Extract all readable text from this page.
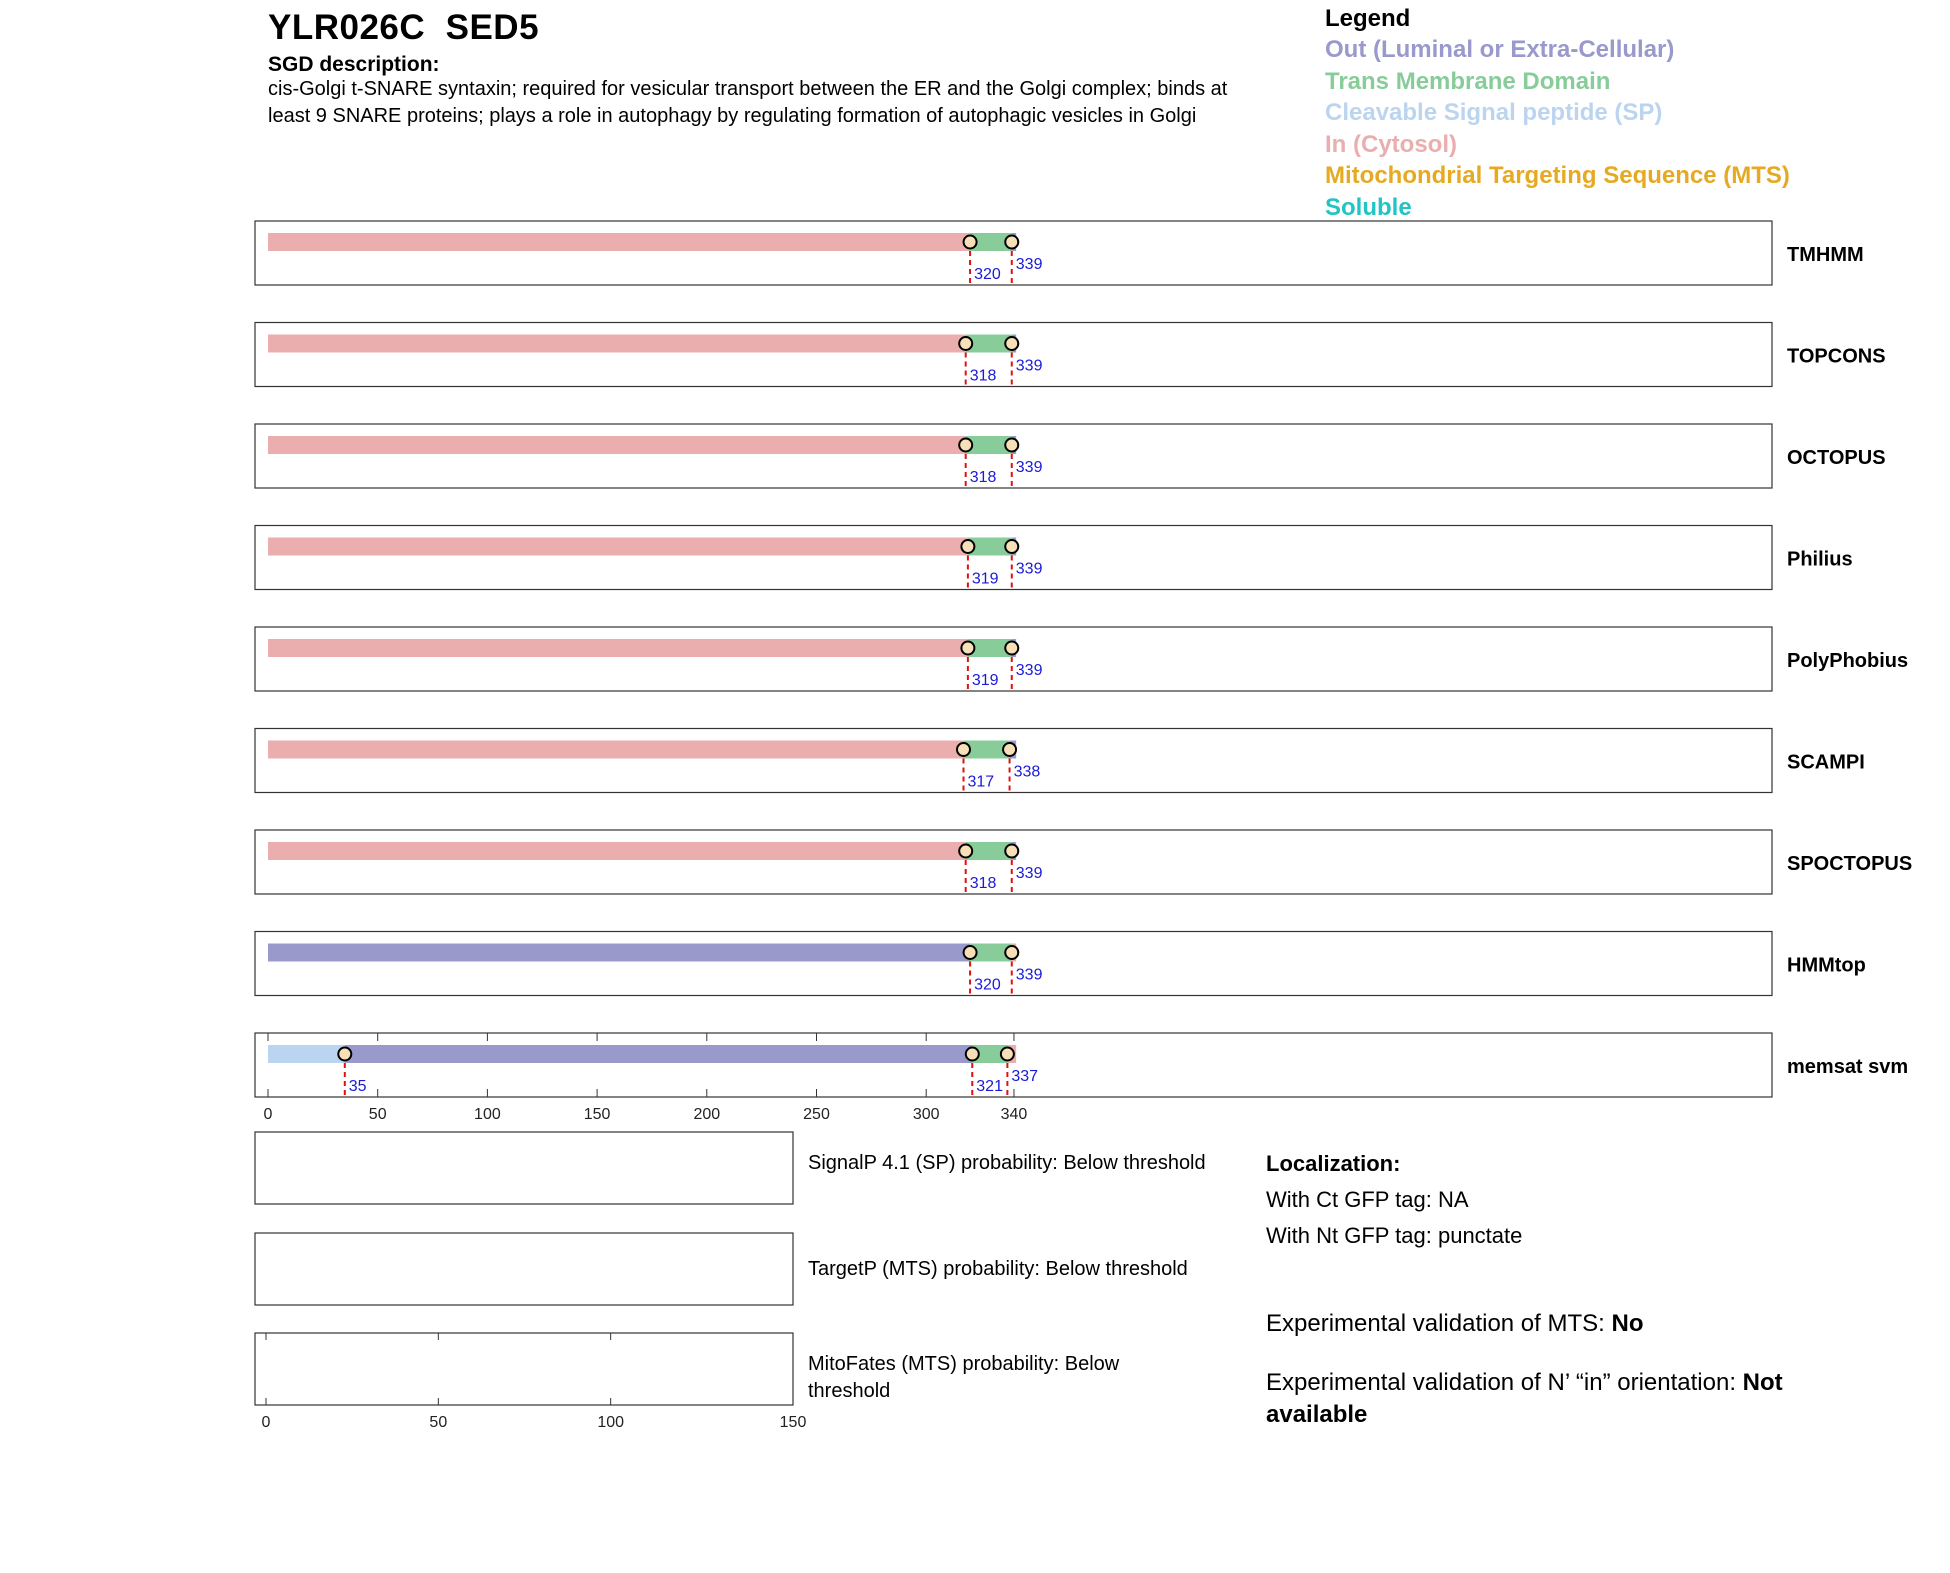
YLR026C  SED5
SGD description:
cis-Golgi t-SNARE syntaxin; required for vesicular transport between the ER and the Golgi complex; binds at
least 9 SNARE proteins; plays a role in autophagy by regulating formation of autophagic vesicles in Golgi
Legend
Out (Luminal or Extra-Cellular)
Trans Membrane Domain
Cleavable Signal peptide (SP)
In (Cytosol)
Mitochondrial Targeting Sequence (MTS)
Soluble
320
339	TMHMM
318
339	TOPCONS
318
339	OCTOPUS
319
339	Philius
319
339	PolyPhobius
317
338	SCAMPI
318
339	SPOCTOPUS
320
339	HMMtop
0	50	100	150	200	250	300	340
35	321
337	memsat svm
0	50	100	150
SignalP 4.1 (SP) probability: Below threshold
TargetP (MTS) probability: Below threshold
MitoFates (MTS) probability: Below threshold
Localization:
With Ct GFP tag: NA
With Nt GFP tag: punctate
Experimental validation of MTS: No
Experimental validation of N’ “in” orientation: Not available
